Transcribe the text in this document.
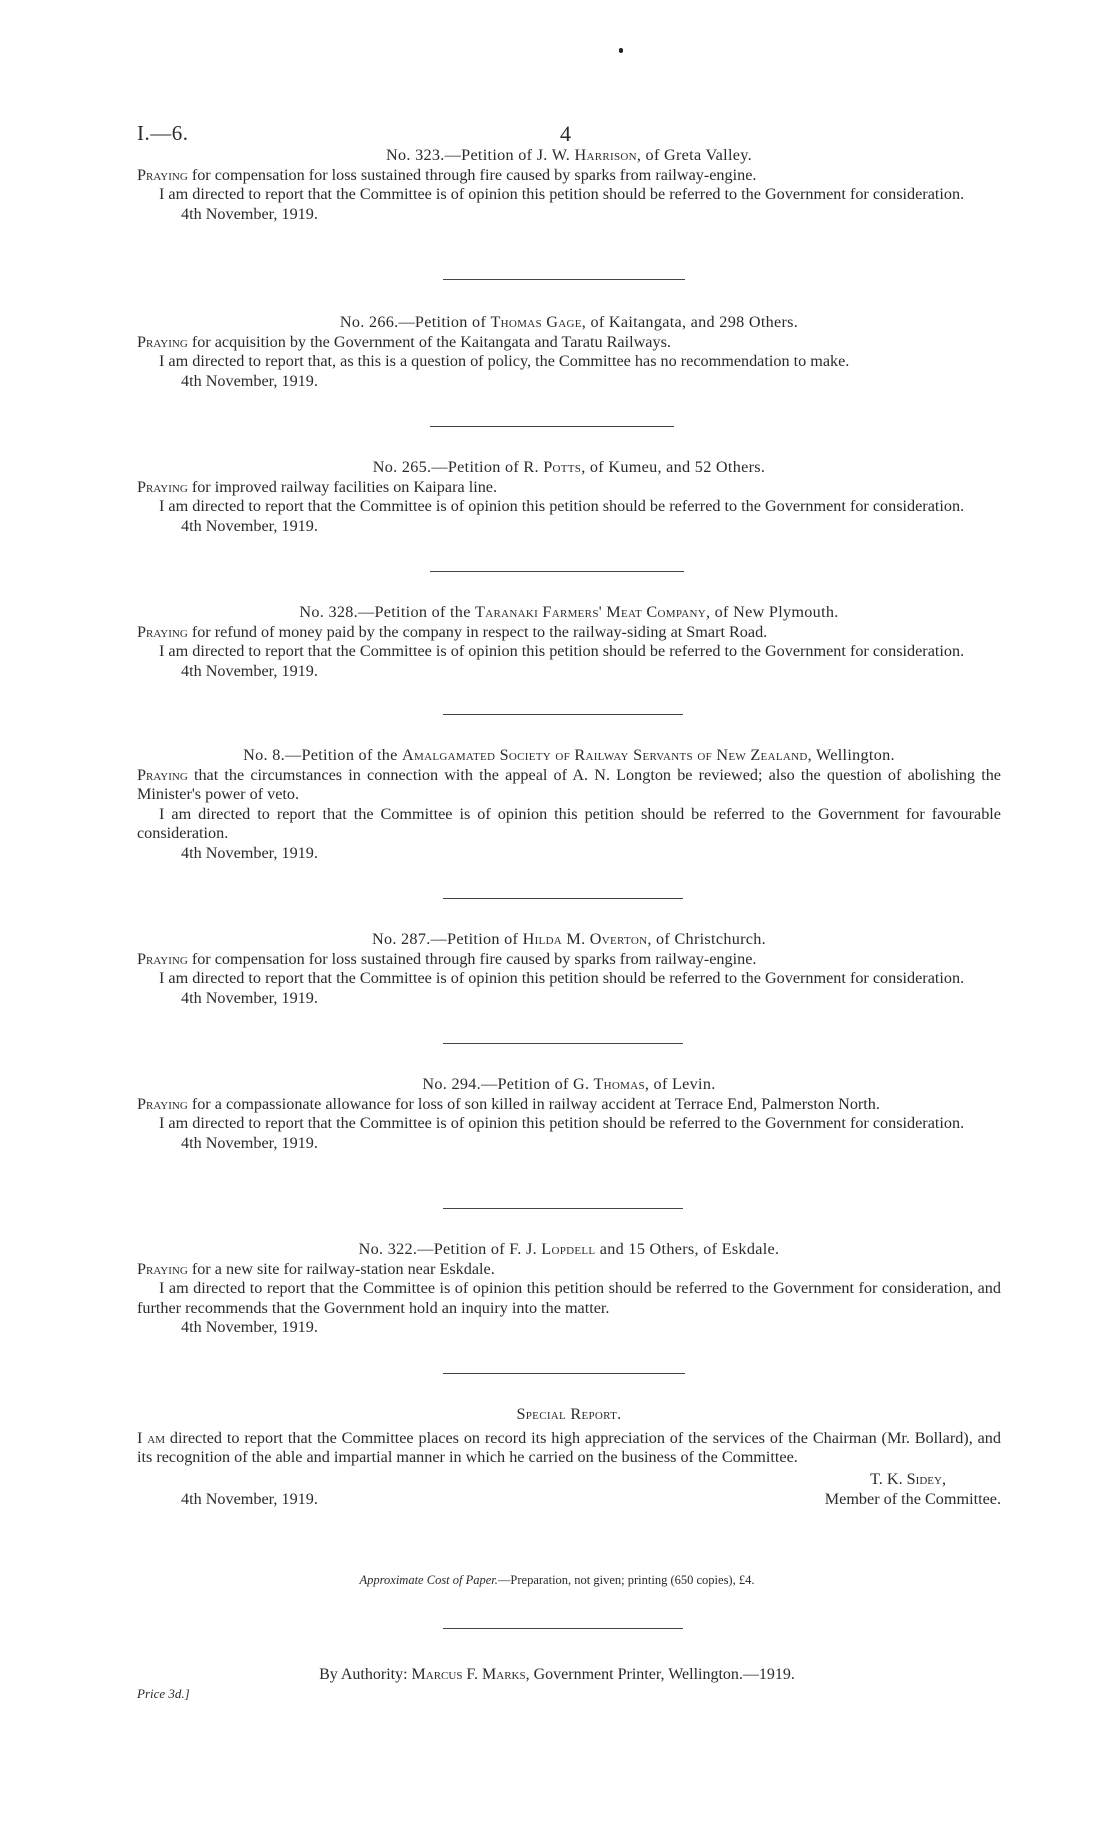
I.—6.	4
No. 323.—Petition of J. W. Harrison, of Greta Valley.

Praying for compensation for loss sustained through fire caused by sparks from railway-engine.

I am directed to report that the Committee is of opinion this petition should be referred to the Government for consideration.

4th November, 1919.
No. 266.—Petition of Thomas Gage, of Kaitangata, and 298 Others.

Praying for acquisition by the Government of the Kaitangata and Taratu Railways.

I am directed to report that, as this is a question of policy, the Committee has no recommendation to make.

4th November, 1919.
No. 265.—Petition of R. Potts, of Kumeu, and 52 Others.

Praying for improved railway facilities on Kaipara line.

I am directed to report that the Committee is of opinion this petition should be referred to the Government for consideration.

4th November, 1919.
No. 328.—Petition of the Taranaki Farmers' Meat Company, of New Plymouth.

Praying for refund of money paid by the company in respect to the railway-siding at Smart Road.

I am directed to report that the Committee is of opinion this petition should be referred to the Government for consideration.

4th November, 1919.
No. 8.—Petition of the Amalgamated Society of Railway Servants of New Zealand, Wellington.

Praying that the circumstances in connection with the appeal of A. N. Longton be reviewed; also the question of abolishing the Minister's power of veto.

I am directed to report that the Committee is of opinion this petition should be referred to the Government for favourable consideration.

4th November, 1919.
No. 287.—Petition of Hilda M. Overton, of Christchurch.

Praying for compensation for loss sustained through fire caused by sparks from railway-engine.

I am directed to report that the Committee is of opinion this petition should be referred to the Government for consideration.

4th November, 1919.
No. 294.—Petition of G. Thomas, of Levin.

Praying for a compassionate allowance for loss of son killed in railway accident at Terrace End, Palmerston North.

I am directed to report that the Committee is of opinion this petition should be referred to the Government for consideration.

4th November, 1919.
No. 322.—Petition of F. J. Lopdell and 15 Others, of Eskdale.

Praying for a new site for railway-station near Eskdale.

I am directed to report that the Committee is of opinion this petition should be referred to the Government for consideration, and further recommends that the Government hold an inquiry into the matter.

4th November, 1919.
Special Report.

I am directed to report that the Committee places on record its high appreciation of the services of the Chairman (Mr. Bollard), and its recognition of the able and impartial manner in which he carried on the business of the Committee.

T. K. Sidey,
Member of the Committee.
4th November, 1919.
Approximate Cost of Paper.—Preparation, not given; printing (650 copies), £4.
By Authority: Marcus F. Marks, Government Printer, Wellington.—1919.
Price 3d.]
